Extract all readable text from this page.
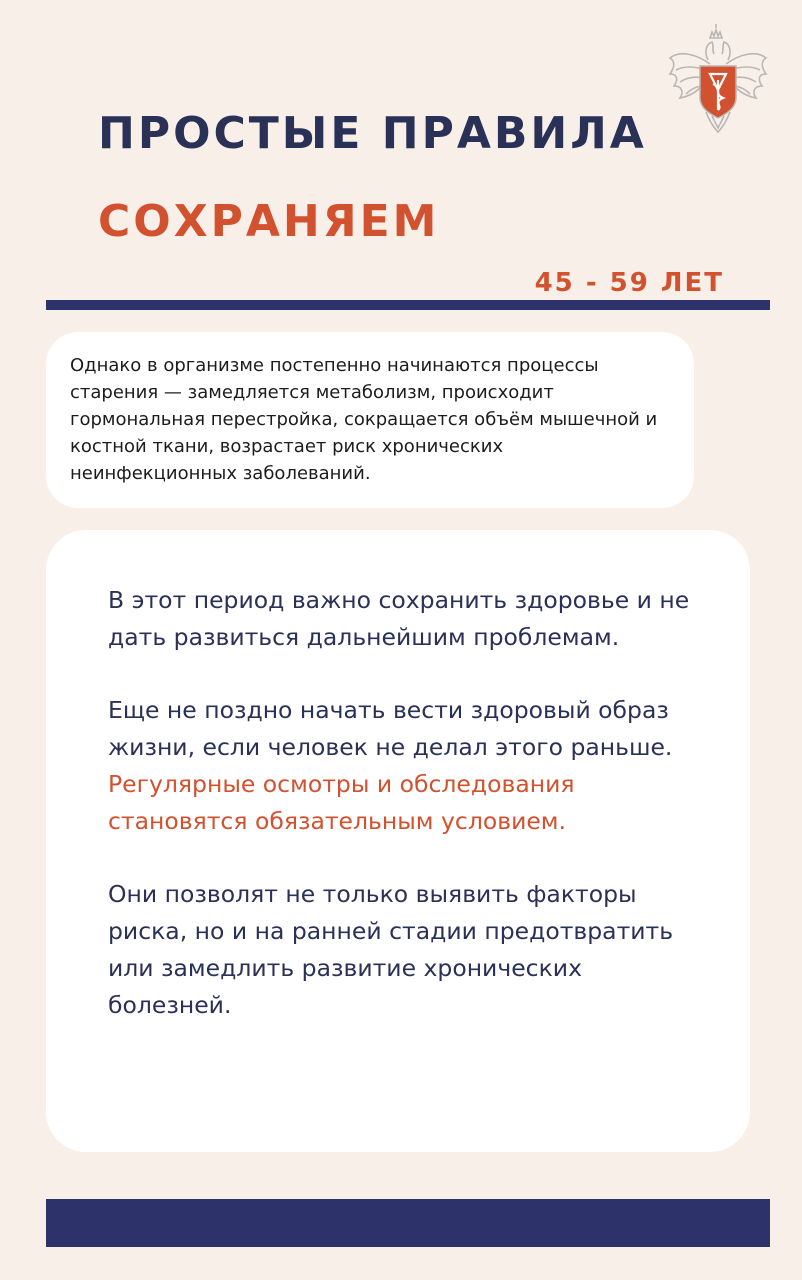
ПРОСТЫЕ ПРАВИЛА
СОХРАНЯЕМ
45 - 59 ЛЕТ

Однако в организме постепенно начинаются процессы старения — замедляется метаболизм, происходит гормональная перестройка, сокращается объём мышечной и костной ткани, возрастает риск хронических неинфекционных заболеваний.

В этот период важно сохранить здоровье и не дать развиться дальнейшим проблемам.

Еще не поздно начать вести здоровый образ жизни, если человек не делал этого раньше. Регулярные осмотры и обследования становятся обязательным условием.

Они позволят не только выявить факторы риска, но и на ранней стадии предотвратить или замедлить развитие хронических болезней.
